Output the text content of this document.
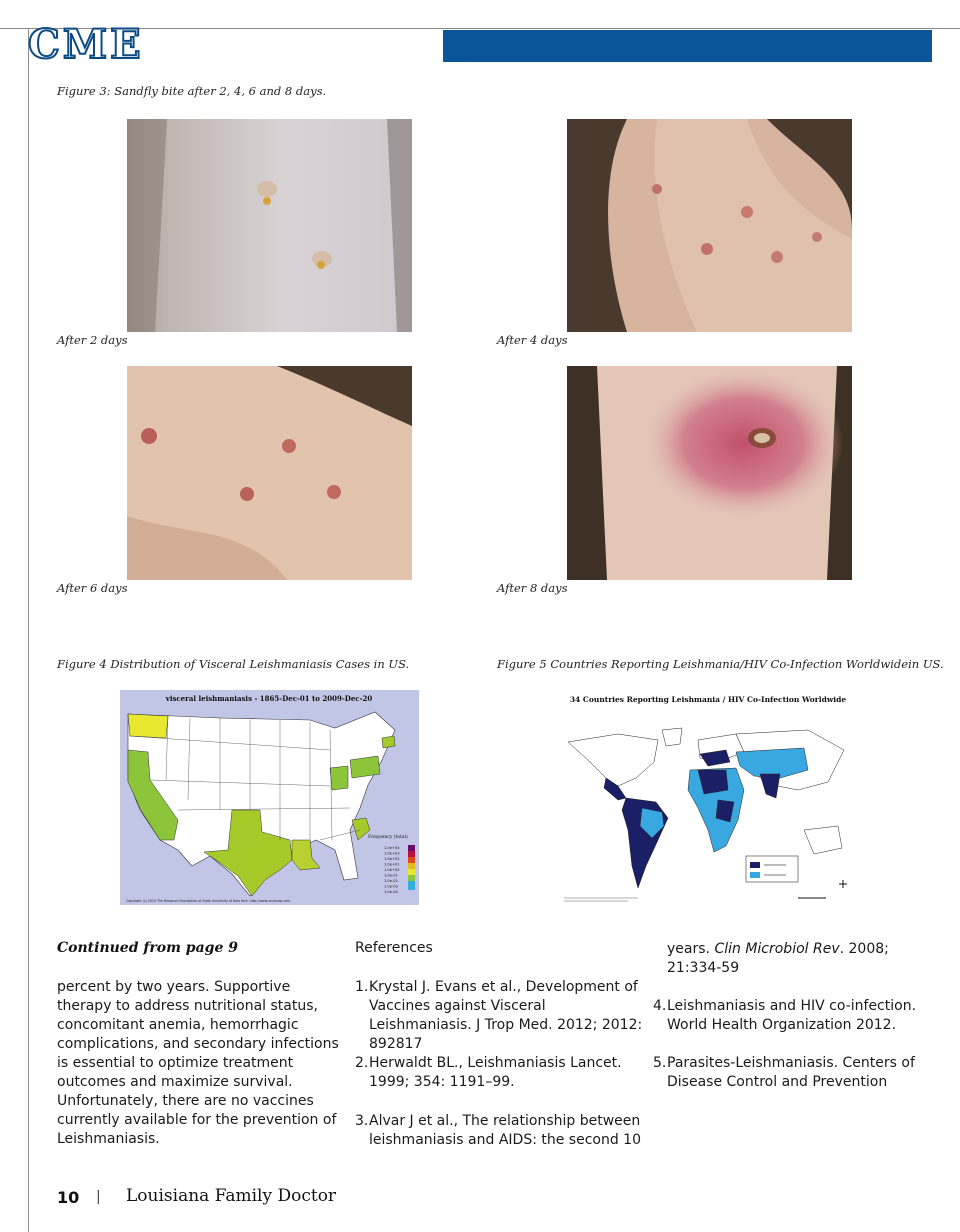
CME
Figure 3: Sandfly bite after 2, 4, 6 and 8 days.
After 2 days	After 4 days
After 6 days	After 8 days
Figure 4 Distribution of Visceral Leishmaniasis Cases in US.
visceral leishmaniasis - 1865-Dec-01 to 2009-Dec-20
Frequency (total)
1.0e+04
1.0e+03
1.0e+02
1.0e+01
1.0e+00
1.0e-01
1.0e-02
1.0e-03
1.0e-04
Copyright (c) 2010 The Research Foundation of State University of New York. http://www.vectorap.com
Figure 5 Countries Reporting Leishmania/HIV Co-Infection Worldwidein US.
34 Countries Reporting Leishmania / HIV Co-Infection Worldwide
Continued from page 9
percent by two years. Supportive therapy to address nutritional status, concomitant anemia, hemorrhagic complications, and secondary infections is essential to optimize treatment outcomes and maximize survival. Unfortunately, there are no vaccines currently available for the prevention of Leishmaniasis.
References
1. Krystal J. Evans et al., Development of Vaccines against Visceral Leishmaniasis. J Trop Med. 2012; 2012: 892817
2. Herwaldt BL., Leishmaniasis Lancet. 1999; 354: 1191–99.
3. Alvar J et al., The relationship between leishmaniasis and AIDS: the second 10
years. Clin Microbiol Rev. 2008; 21:334-59
4. Leishmaniasis and HIV co-infection. World Health Organization 2012.
5. Parasites-Leishmaniasis. Centers of Disease Control and Prevention
10 | Louisiana Family Doctor
